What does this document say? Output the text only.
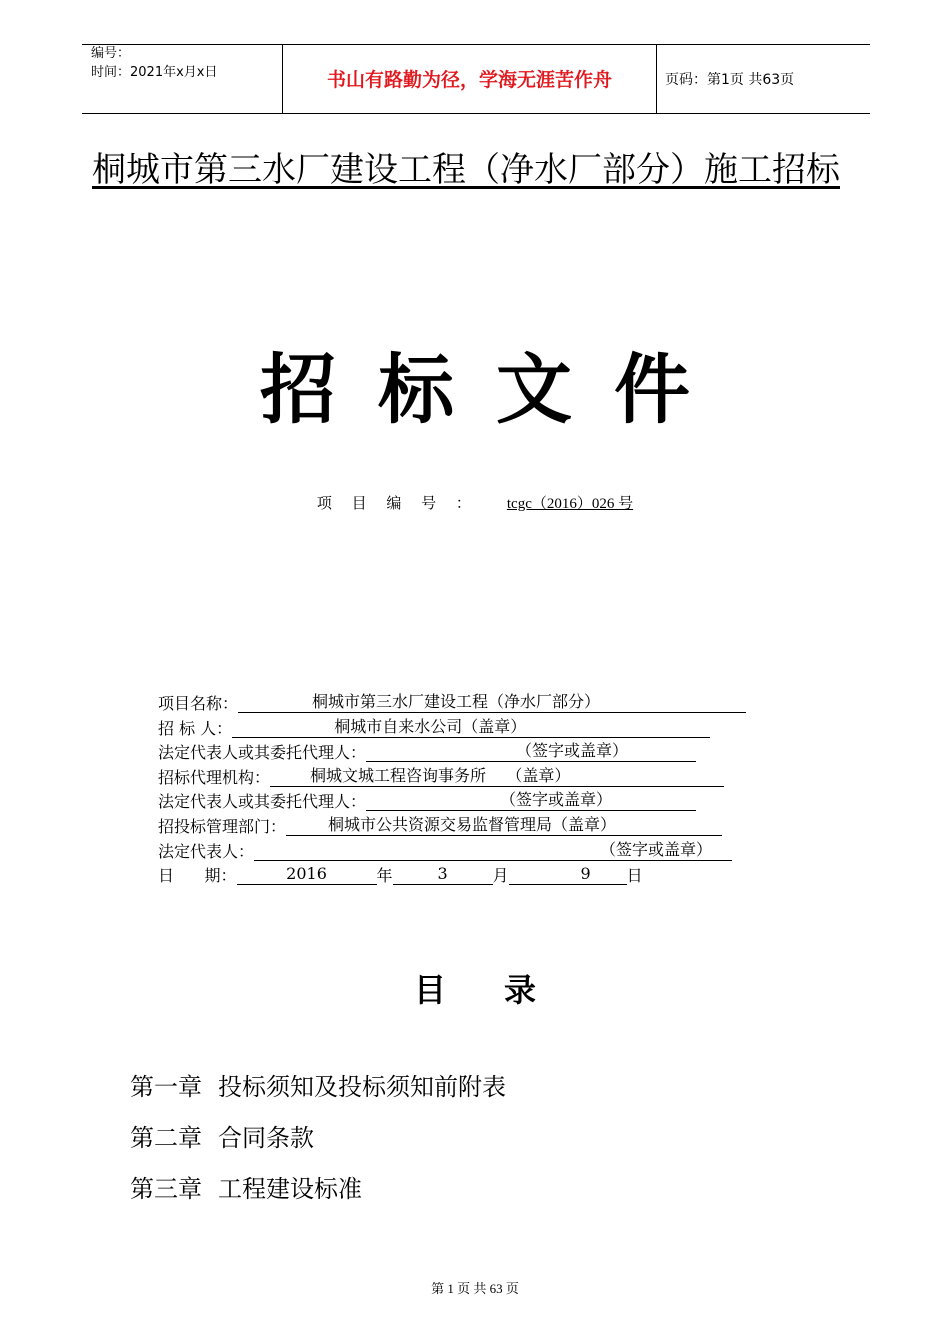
编号：
时间：2021年x月x日	书山有路勤为径，学海无涯苦作舟	页码：第1页 共63页
桐城市第三水厂建设工程（净水厂部分）施工招标
招标文件
项 目 编 号 ： tcgc（2016）026 号
项目名称：	桐城市第三水厂建设工程（净水厂部分）
招 标 人：	桐城市自来水公司（盖章）
法定代表人或其委托代理人：	（签字或盖章）
招标代理机构：	桐城文城工程咨询事务所    （盖章）
法定代表人或其委托代理人：	（签字或盖章）
招投标管理部门：	桐城市公共资源交易监督管理局（盖章）
法定代表人：	（签字或盖章）
日      期：	2016	年	3	月	9 日
目录
第一章 投标须知及投标须知前附表
第二章 合同条款
第三章 工程建设标准
第 1 页 共 63 页
